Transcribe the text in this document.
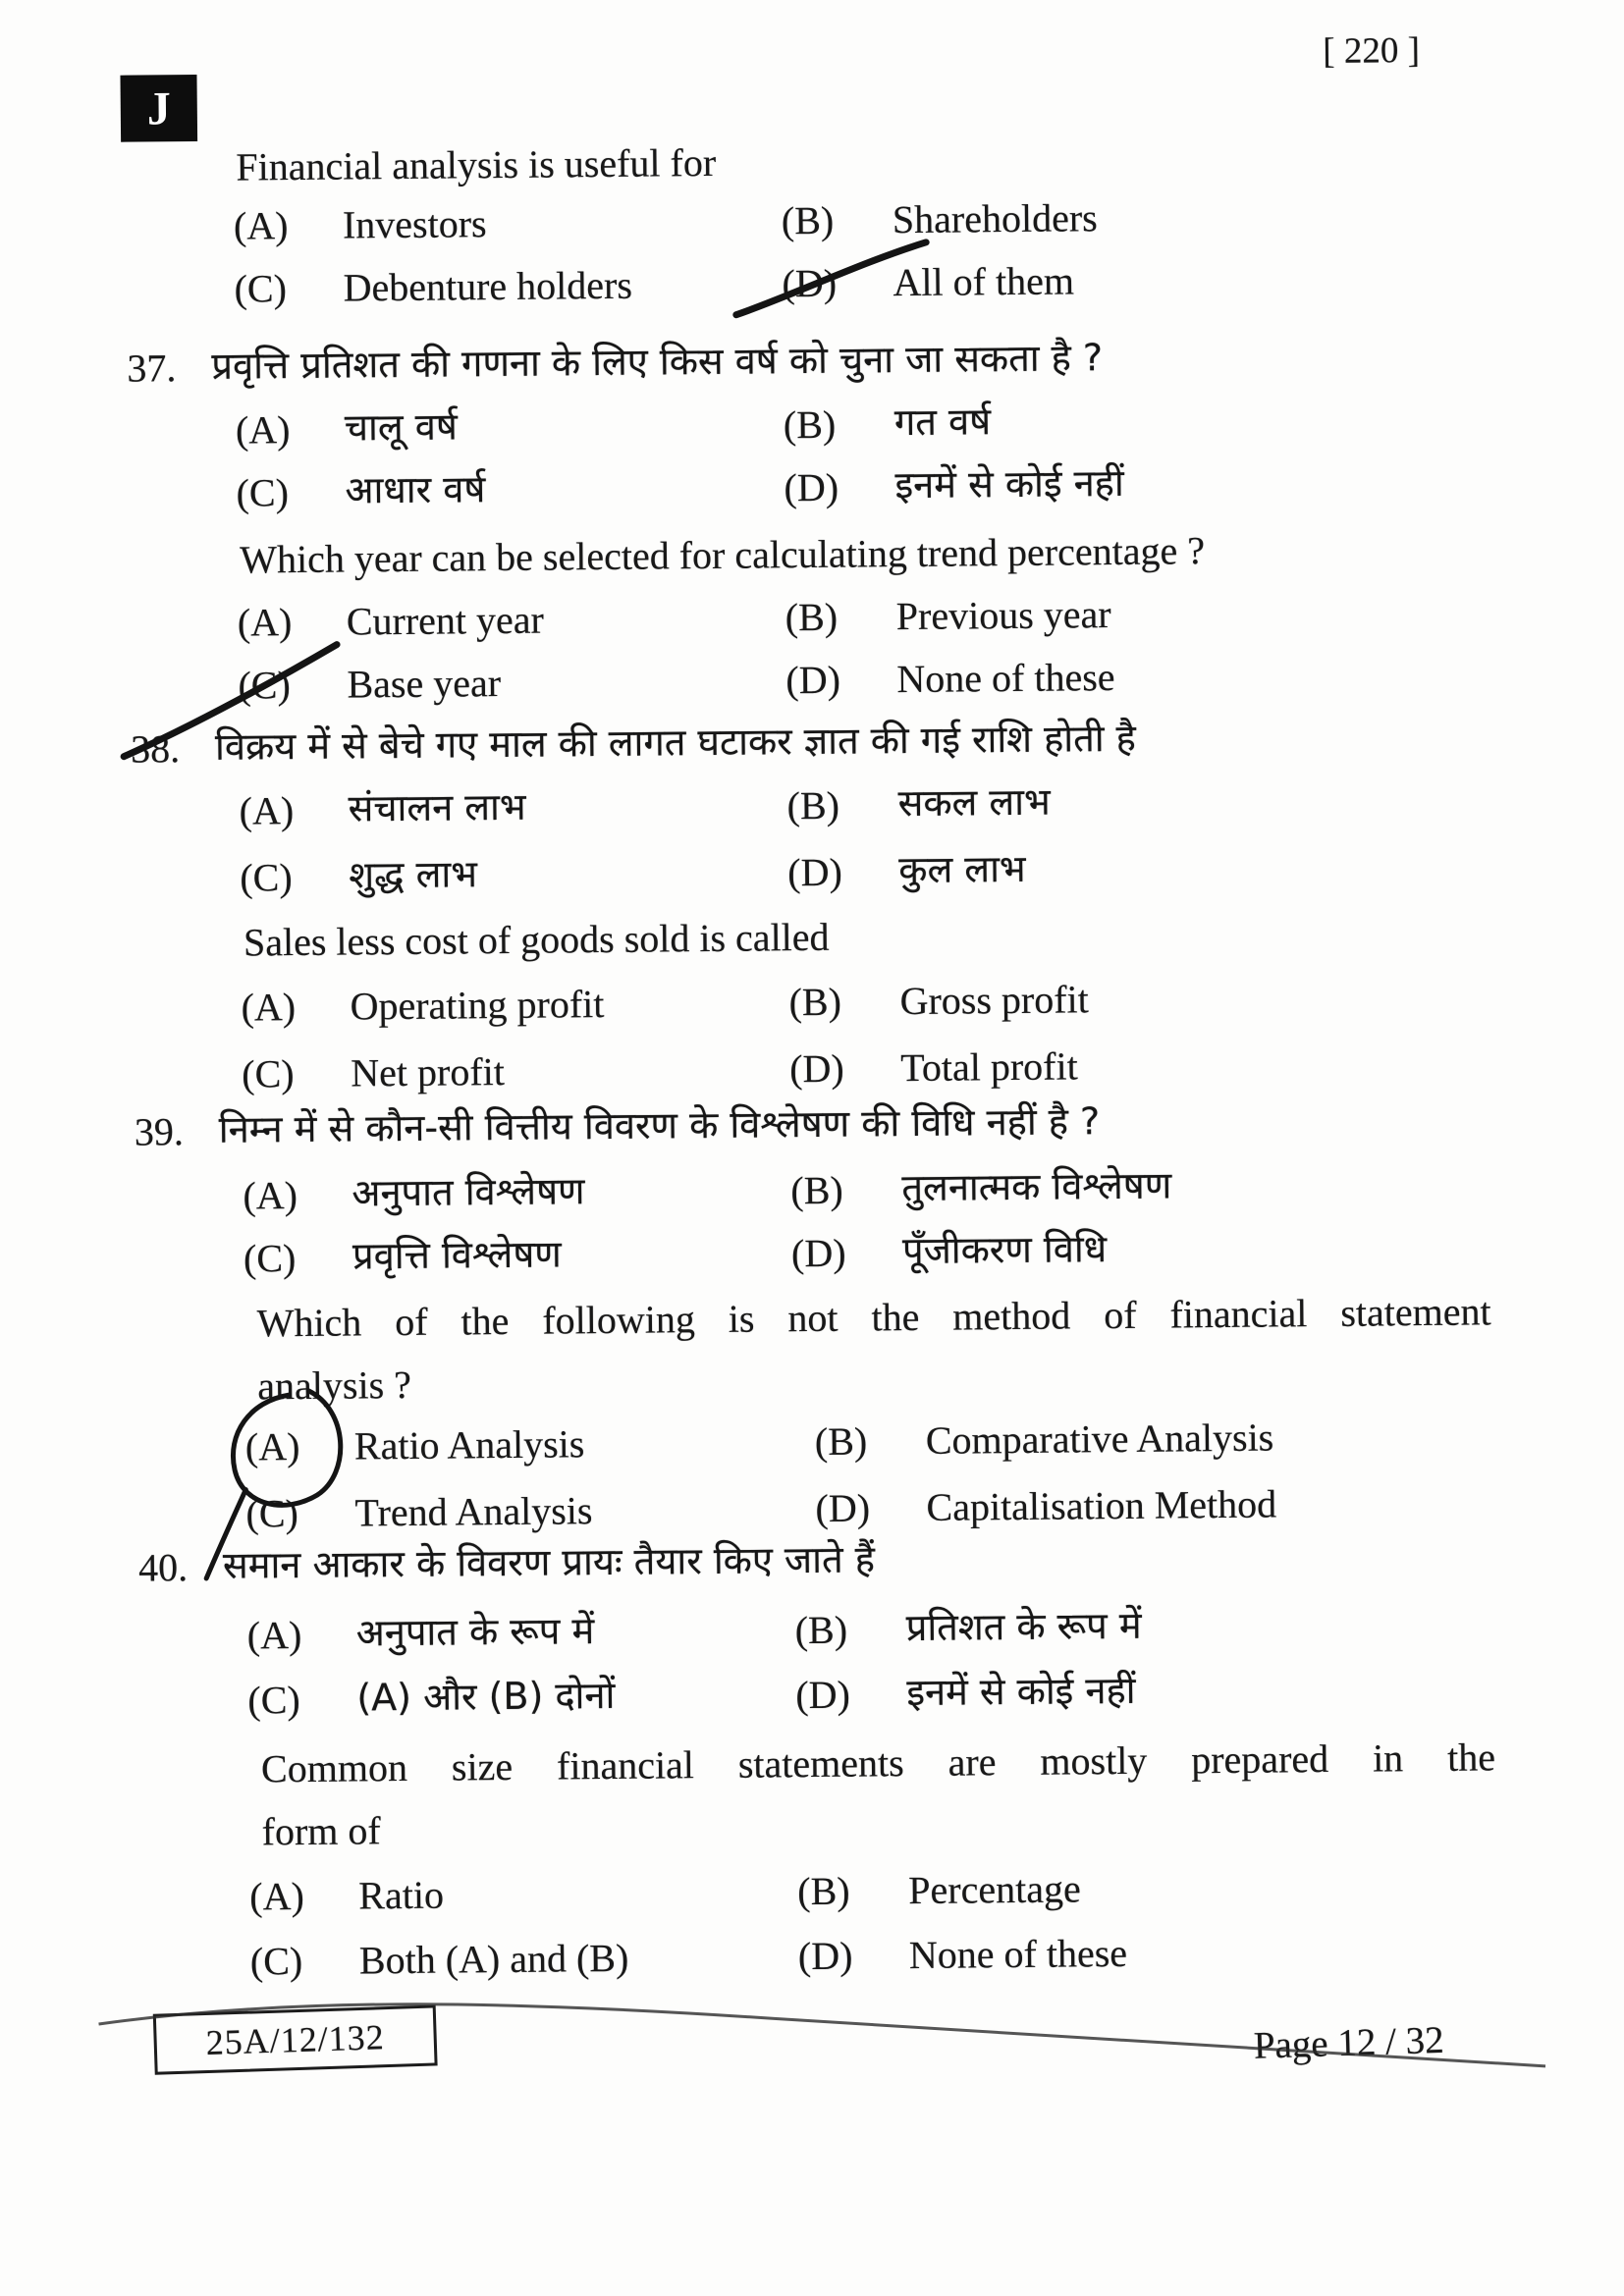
J
[ 220 ]
Financial analysis is useful for
(A) Investors	(B) Shareholders
(C) Debenture holders	(D) All of them
37. प्रवृत्ति प्रतिशत की गणना के लिए किस वर्ष को चुना जा सकता है ?
(A) चालू वर्ष	(B) गत वर्ष
(C) आधार वर्ष	(D) इनमें से कोई नहीं
Which year can be selected for calculating trend percentage ?
(A) Current year	(B) Previous year
(C) Base year	(D) None of these
38. विक्रय में से बेचे गए माल की लागत घटाकर ज्ञात की गई राशि होती है
(A) संचालन लाभ	(B) सकल लाभ
(C) शुद्ध लाभ	(D) कुल लाभ
Sales less cost of goods sold is called
(A) Operating profit	(B) Gross profit
(C) Net profit	(D) Total profit
39. निम्न में से कौन-सी वित्तीय विवरण के विश्लेषण की विधि नहीं है ?
(A) अनुपात विश्लेषण	(B) तुलनात्मक विश्लेषण
(C) प्रवृत्ति विश्लेषण	(D) पूँजीकरण विधि
Which of the following is not the method of financial statement
analysis ?
(A) Ratio Analysis	(B) Comparative Analysis
(C) Trend Analysis	(D) Capitalisation Method
40. समान आकार के विवरण प्रायः तैयार किए जाते हैं
(A) अनुपात के रूप में	(B) प्रतिशत के रूप में
(C) (A) और (B) दोनों	(D) इनमें से कोई नहीं
Common size financial statements are mostly prepared in the
form of
(A) Ratio	(B) Percentage
(C) Both (A) and (B)	(D) None of these
25A/12/132	Page 12 / 32
